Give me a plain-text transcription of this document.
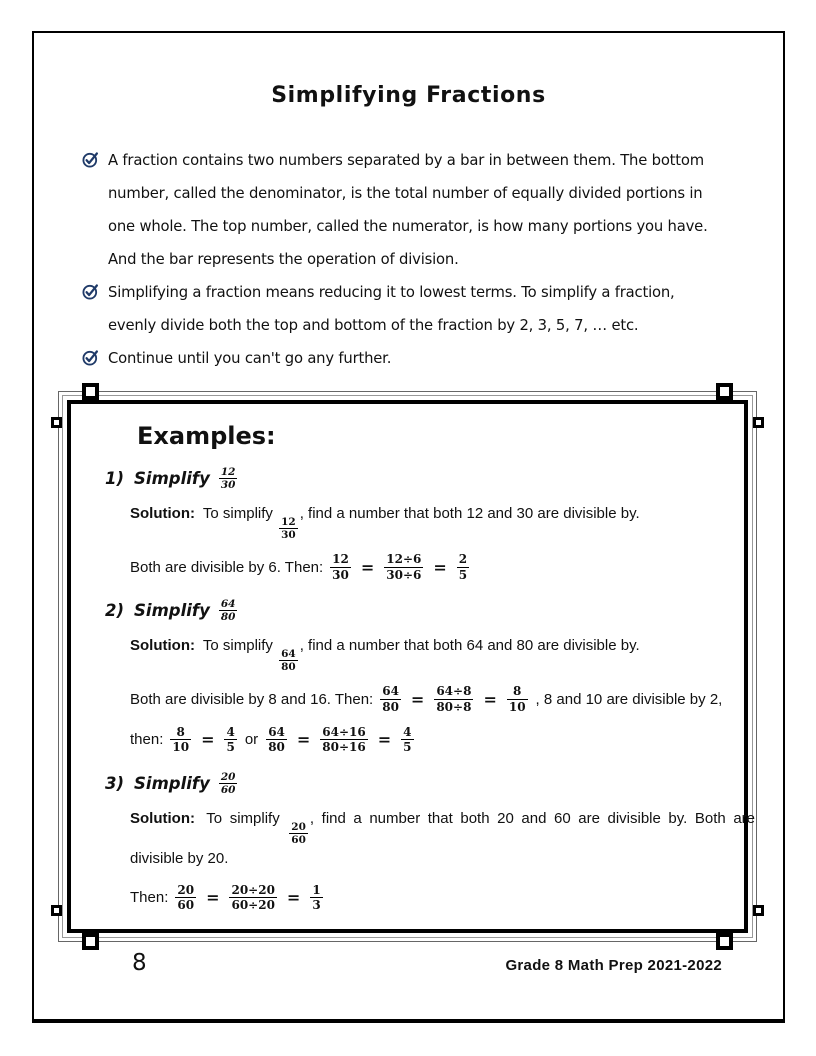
Simplifying Fractions
A fraction contains two numbers separated by a bar in between them. The bottom
number, called the denominator, is the total number of equally divided portions in
one whole. The top number, called the numerator, is how many portions you have.
And the bar represents the operation of division.
Simplifying a fraction means reducing it to lowest terms. To simplify a fraction,
evenly divide both the top and bottom of the fraction by 2, 3, 5, 7, … etc.
Continue until you can't go any further.
Examples:
1) Simplify $\frac{12}{30}$
Solution: To simplify
$\frac{12}{30}$
, find a number that both 12 and 30 are divisible by.
Both are divisible by 6. Then: $\frac{12}{30} = \frac{12\div 6}{30\div 6} = \frac{2}{5}$
2) Simplify $\frac{64}{80}$
Solution: To simplify
$\frac{64}{80}$
, find a number that both 64 and 80 are divisible by.
Both are divisible by 8 and 16. Then: $\frac{64}{80} = \frac{64\div 8}{80\div 8} = \frac{8}{10}$ , 8 and 10 are divisible by 2,
then: $\frac{8}{10} = \frac{4}{5}$ or $\frac{64}{80} = \frac{64\div 16}{80\div 16} = \frac{4}{5}$
3) Simplify $\frac{20}{60}$
Solution: To simplify
$\frac{20}{60}$
, find a number that both 20 and 60 are divisible by. Both are divisible by 20.
Then: $\frac{20}{60} = \frac{20\div 20}{60\div 20} = \frac{1}{3}$
8	Grade 8 Math Prep 2021-2022
